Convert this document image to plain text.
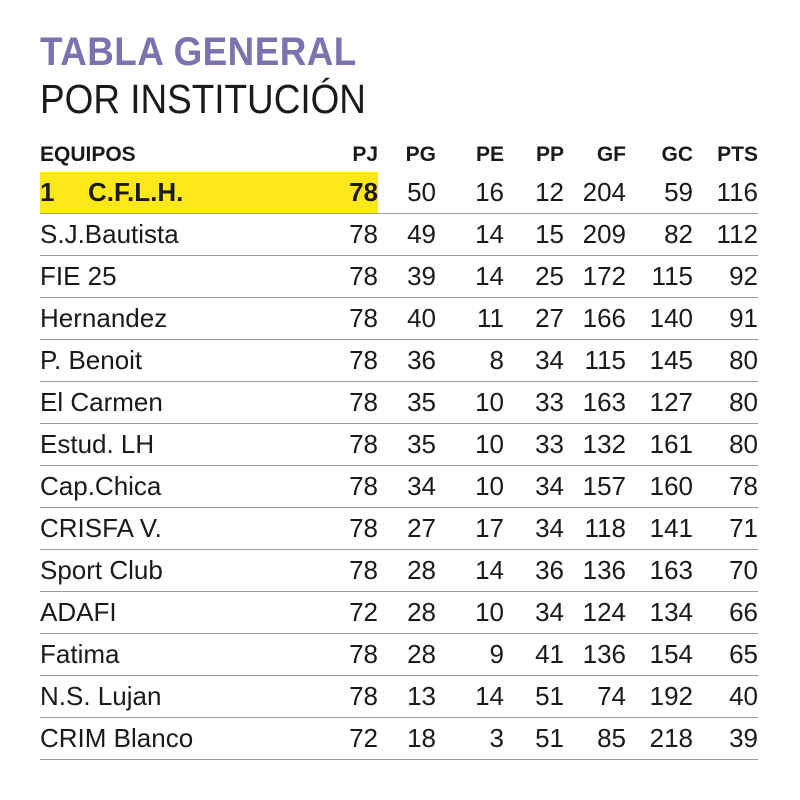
TABLA GENERAL
POR INSTITUCIÓN
EQUIPOS	PJ	PG	PE	PP	GF	GC	PTS
1 C.F.L.H.	78	50	16	12	204	59	116
S.J.Bautista	78	49	14	15	209	82	112
FIE 25	78	39	14	25	172	115	92
Hernandez	78	40	11	27	166	140	91
P. Benoit	78	36	8	34	115	145	80
El Carmen	78	35	10	33	163	127	80
Estud. LH	78	35	10	33	132	161	80
Cap.Chica	78	34	10	34	157	160	78
CRISFA V.	78	27	17	34	118	141	71
Sport Club	78	28	14	36	136	163	70
ADAFI	72	28	10	34	124	134	66
Fatima	78	28	9	41	136	154	65
N.S. Lujan	78	13	14	51	74	192	40
CRIM Blanco	72	18	3	51	85	218	39
